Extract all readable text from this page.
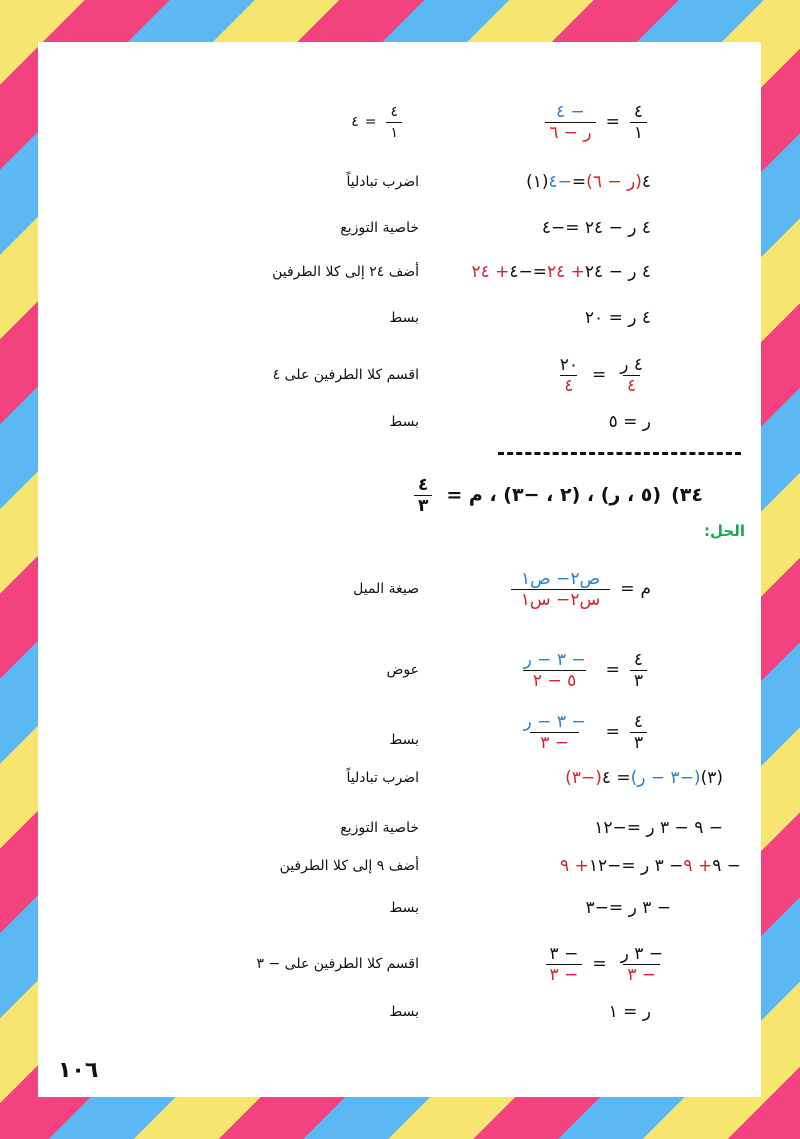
$\frac{٤}{١}$
=
$\frac{- ٤}{\text{ر − ٦}}$
$\frac{٤}{١}$
=
٤
٤
(ر − ٦)
=
−٤
(١)
اضرب تبادلياً
٤ ر − ٢٤ =−٤
خاصية التوزيع
٤ ر − ٢٤
+ ٢٤
=−٤
+ ٢٤
أضف ٢٤ إلى كلا الطرفين
٤ ر = ٢٠
بسط
$\frac{\text{٤ ر}}{٤}$
=
$\frac{٢٠}{٤}$
اقسم كلا الطرفين على ٤
ر = ٥
بسط
٣٤)
(٥ ، ر) ، (٢ ، −٣) ، م =
$\frac{٤}{٣}$
الحل:
م
=
$\frac{\text{ص٢− ص١}}{\text{س٢− س١}}$
صيغة الميل
$\frac{٤}{٣}$
=
$\frac{\text{− ٣ − ر}}{٥ - ٢}$
عوض
$\frac{٤}{٣}$
=
$\frac{\text{− ٣ − ر}}{- ٣}$
بسط
(٣)
(−٣ − ر)
= ٤
(−٣)
اضرب تبادلياً
− ٩ − ٣ ر =−١٢
خاصية التوزيع
− ٩
+ ٩
− ٣ ر =−١٢
+ ٩
أضف ٩ إلى كلا الطرفين
− ٣ ر =−٣
بسط
$\frac{\text{− ٣ ر}}{- ٣}$
=
$\frac{- ٣}{- ٣}$
اقسم كلا الطرفين على − ٣
ر = ١
بسط
١٠٦
